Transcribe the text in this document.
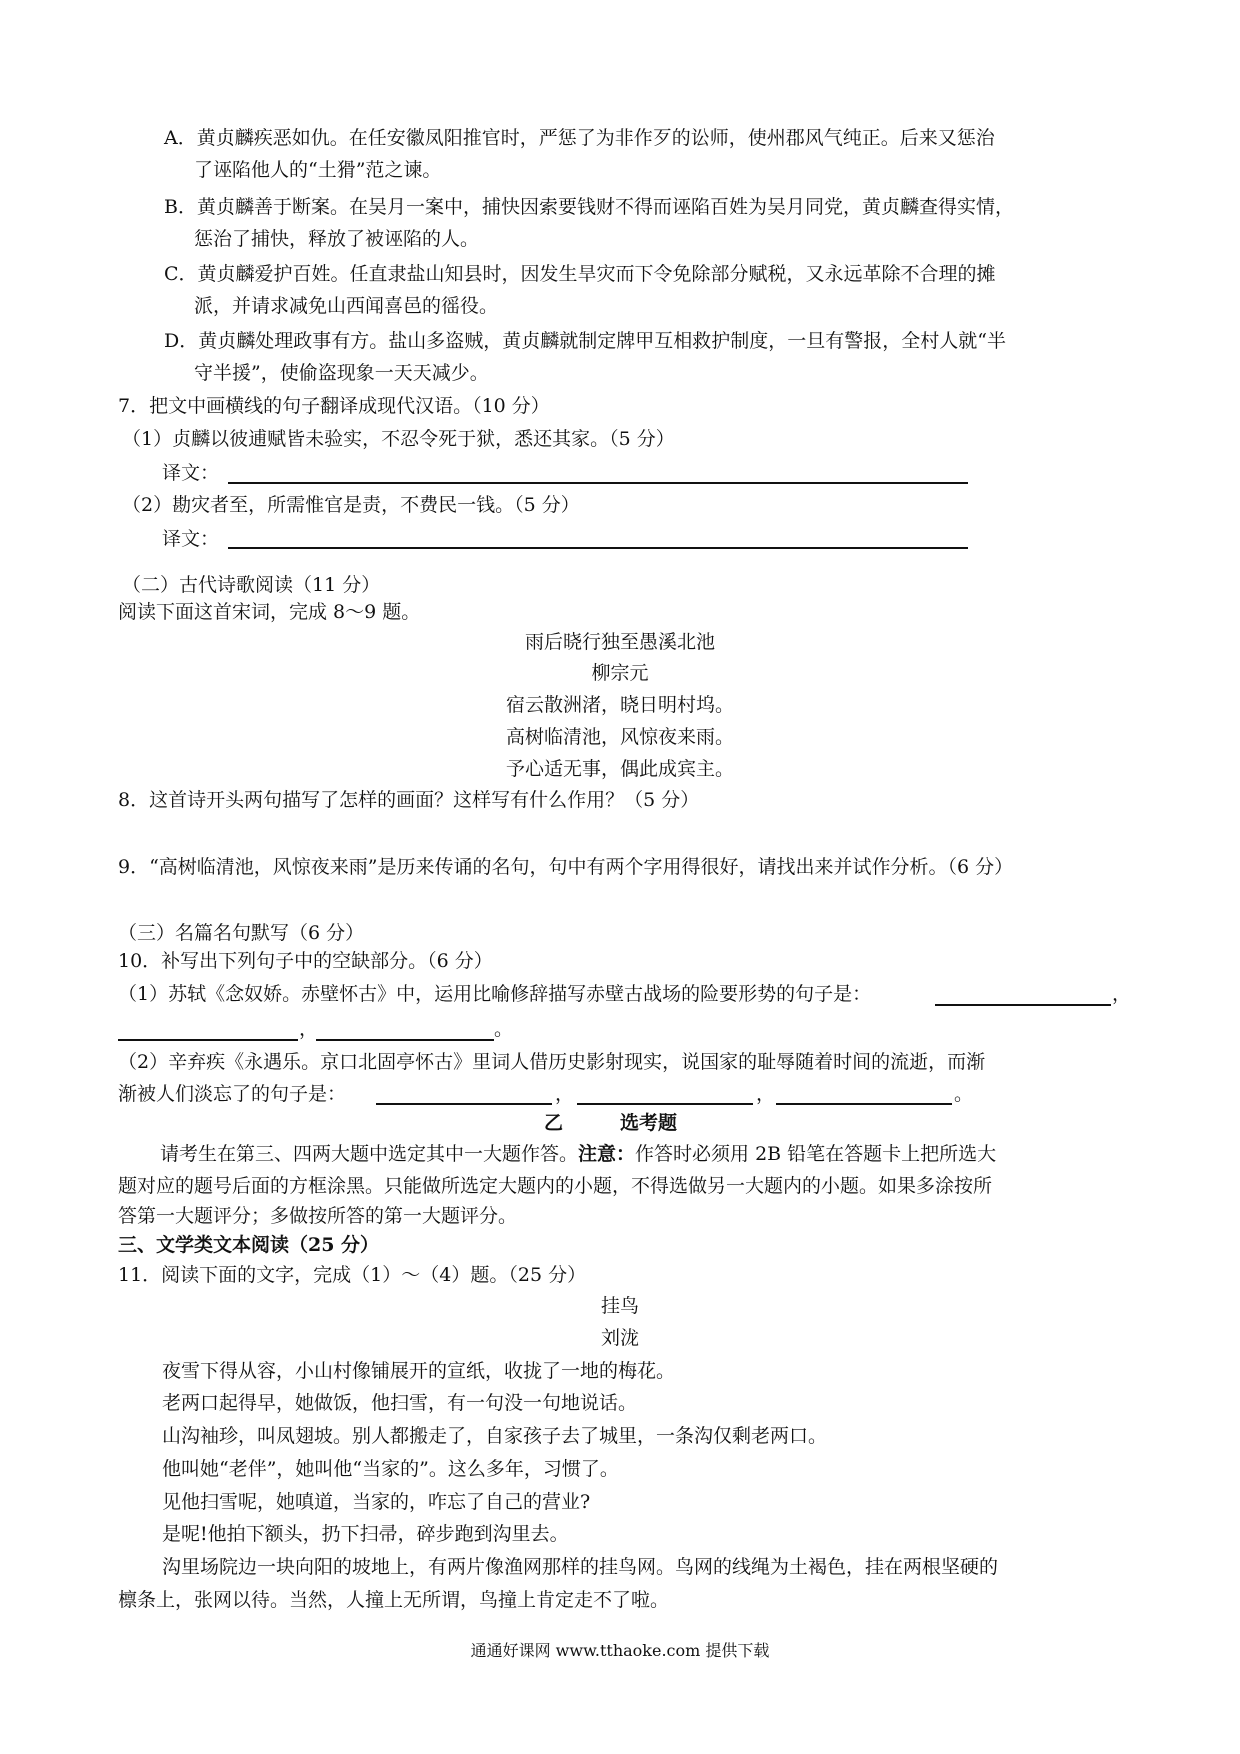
A．黄贞麟疾恶如仇。在任安徽凤阳推官时，严惩了为非作歹的讼师，使州郡风气纯正。后来又惩治
了诬陷他人的“土猾”范之谏。
B．黄贞麟善于断案。在吴月一案中，捕快因索要钱财不得而诬陷百姓为吴月同党，黄贞麟查得实情，
惩治了捕快，释放了被诬陷的人。
C．黄贞麟爱护百姓。任直隶盐山知县时，因发生旱灾而下令免除部分赋税，又永远革除不合理的摊
派，并请求减免山西闻喜邑的徭役。
D．黄贞麟处理政事有方。盐山多盗贼，黄贞麟就制定牌甲互相救护制度，一旦有警报，全村人就“半
守半援”，使偷盗现象一天天减少。
7．把文中画横线的句子翻译成现代汉语。（10 分）
（1）贞麟以彼逋赋皆未验实，不忍令死于狱，悉还其家。（5 分）
译文：
（2）勘灾者至，所需惟官是责，不费民一钱。（5 分）
译文：
（二）古代诗歌阅读（11 分）
阅读下面这首宋词，完成 8～9 题。
雨后晓行独至愚溪北池
柳宗元
宿云散洲渚，晓日明村坞。
高树临清池，风惊夜来雨。
予心适无事，偶此成宾主。
8．这首诗开头两句描写了怎样的画面？这样写有什么作用？（5 分）
9．“高树临清池，风惊夜来雨”是历来传诵的名句，句中有两个字用得很好，请找出来并试作分析。（6 分）
（三）名篇名句默写（6 分）
10．补写出下列句子中的空缺部分。（6 分）
（1）苏轼《念奴娇。赤壁怀古》中，运用比喻修辞描写赤壁古战场的险要形势的句子是：	，
，	。
（2）辛弃疾《永遇乐。京口北固亭怀古》里词人借历史影射现实，说国家的耻辱随着时间的流逝，而渐
渐被人们淡忘了的句子是：	，	，	。
乙	选考题
请考生在第三、四两大题中选定其中一大题作答。注意：作答时必须用 2B 铅笔在答题卡上把所选大
题对应的题号后面的方框涂黑。只能做所选定大题内的小题，不得选做另一大题内的小题。如果多涂按所
答第一大题评分；多做按所答的第一大题评分。
三、文学类文本阅读（25 分）
11．阅读下面的文字，完成（1）～（4）题。（25 分）
挂鸟
刘泷
夜雪下得从容，小山村像铺展开的宣纸，收拢了一地的梅花。
老两口起得早，她做饭，他扫雪，有一句没一句地说话。
山沟袖珍，叫凤翅坡。别人都搬走了，自家孩子去了城里，一条沟仅剩老两口。
他叫她“老伴”，她叫他“当家的”。这么多年，习惯了。
见他扫雪呢，她嗔道，当家的，咋忘了自己的营业?
是呢!他拍下额头，扔下扫帚，碎步跑到沟里去。
沟里场院边一块向阳的坡地上，有两片像渔网那样的挂鸟网。鸟网的线绳为土褐色，挂在两根坚硬的
檩条上，张网以待。当然，人撞上无所谓，鸟撞上肯定走不了啦。
通通好课网 www.tthaoke.com 提供下载
